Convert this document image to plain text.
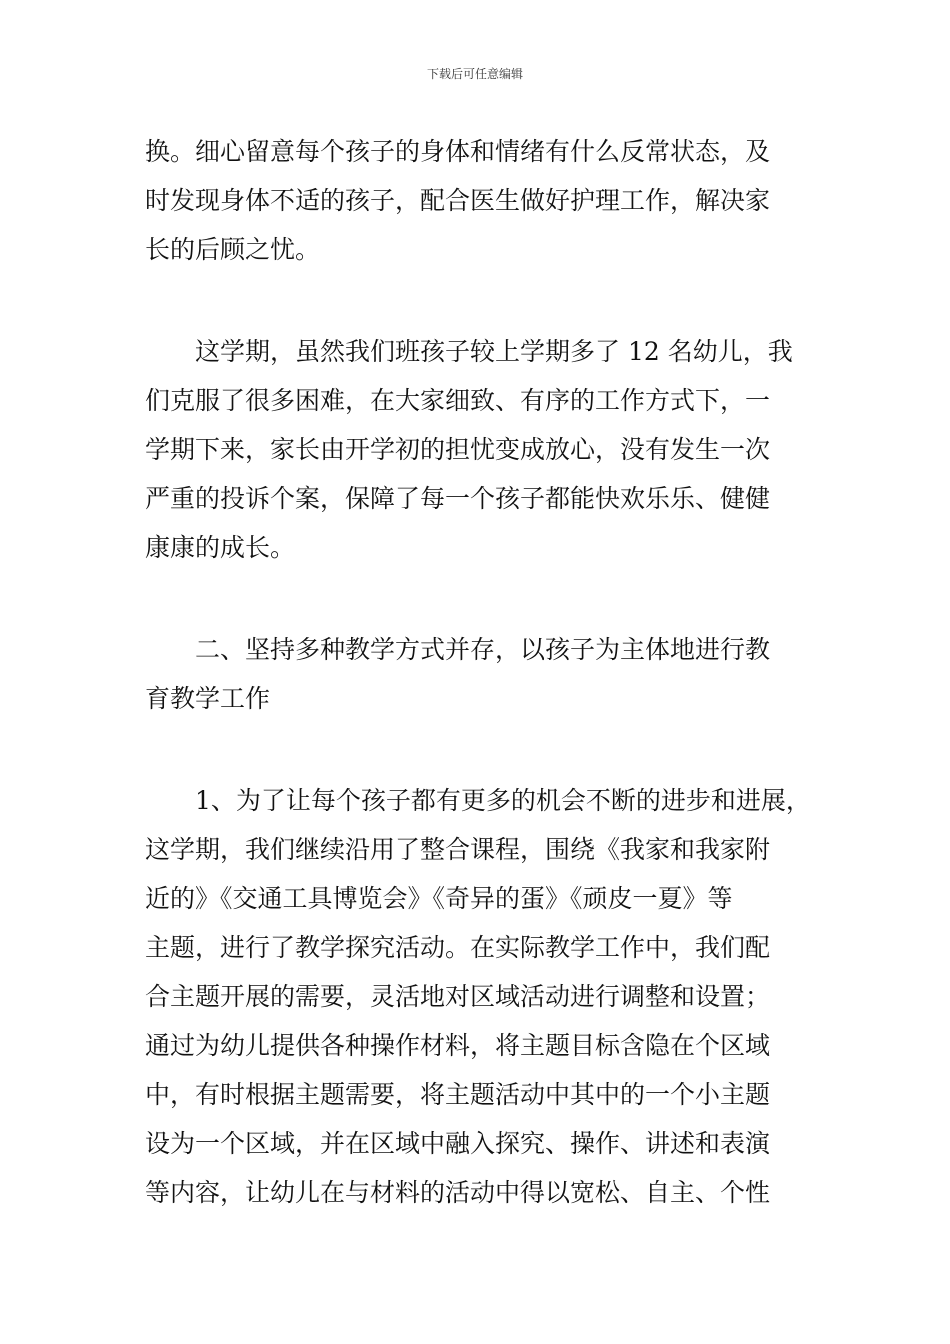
下载后可任意编辑
换。细心留意每个孩子的身体和情绪有什么反常状态，及
时发现身体不适的孩子，配合医生做好护理工作，解决家
长的后顾之忧。
　　这学期，虽然我们班孩子较上学期多了 12 名幼儿，我
们克服了很多困难，在大家细致、有序的工作方式下，一
学期下来，家长由开学初的担忧变成放心，没有发生一次
严重的投诉个案，保障了每一个孩子都能快欢乐乐、健健
康康的成长。
　　二、坚持多种教学方式并存，以孩子为主体地进行教
育教学工作
　　1、为了让每个孩子都有更多的机会不断的进步和进展，
这学期，我们继续沿用了整合课程，围绕《我家和我家附
近的》《交通工具博览会》《奇异的蛋》《顽皮一夏》等
主题，进行了教学探究活动。在实际教学工作中，我们配
合主题开展的需要，灵活地对区域活动进行调整和设置；
通过为幼儿提供各种操作材料，将主题目标含隐在个区域
中，有时根据主题需要，将主题活动中其中的一个小主题
设为一个区域，并在区域中融入探究、操作、讲述和表演
等内容，让幼儿在与材料的活动中得以宽松、自主、个性
